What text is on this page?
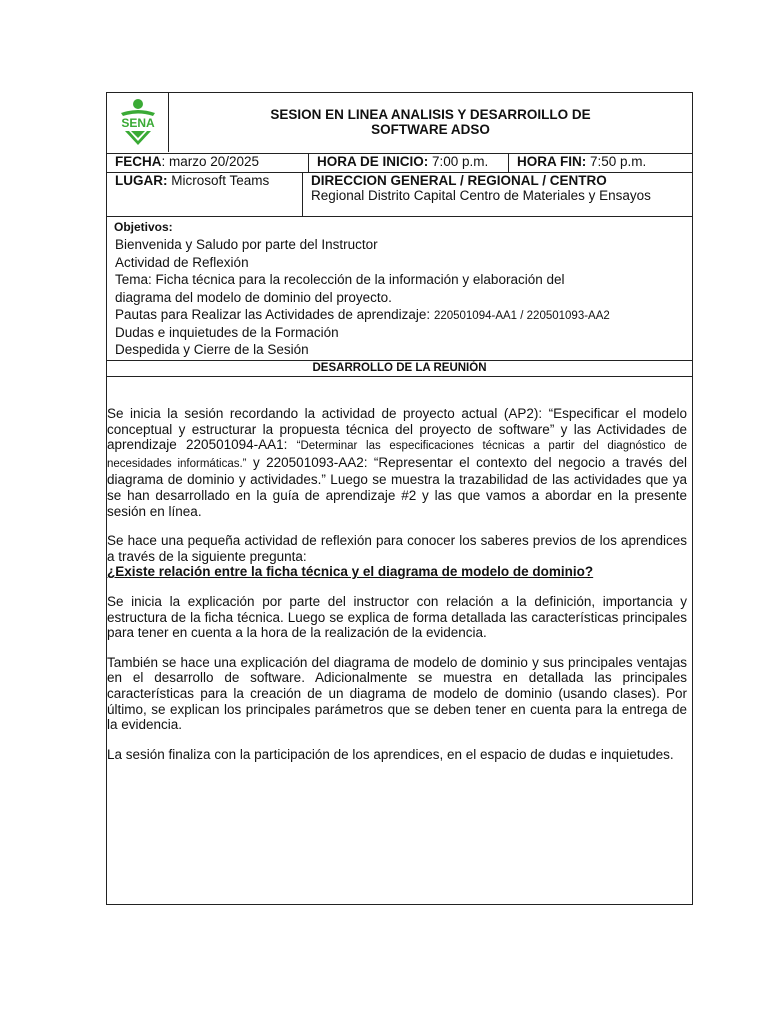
SENA
SESION EN LINEA ANALISIS Y DESARROILLO DE
SOFTWARE ADSO
FECHA: marzo 20/2025	HORA DE INICIO: 7:00 p.m.	HORA FIN: 7:50 p.m.
LUGAR: Microsoft Teams	DIRECCION GENERAL / REGIONAL / CENTRO
Regional Distrito Capital Centro de Materiales y Ensayos
Objetivos:
Bienvenida y Saludo por parte del Instructor
Actividad de Reflexión
Tema: Ficha técnica para la recolección de la información y elaboración del
diagrama del modelo de dominio del proyecto.
Pautas para Realizar las Actividades de aprendizaje: 220501094-AA1 / 220501093-AA2
Dudas e inquietudes de la Formación
Despedida y Cierre de la Sesión
DESARROLLO DE LA REUNIÓN

Se inicia la sesión recordando la actividad de proyecto actual (AP2): “Especificar el modelo conceptual y estructurar la propuesta técnica del proyecto de software” y las Actividades de aprendizaje 220501094-AA1: “Determinar las especificaciones técnicas a partir del diagnóstico de necesidades informáticas.” y 220501093-AA2: “Representar el contexto del negocio a través del diagrama de dominio y actividades.” Luego se muestra la trazabilidad de las actividades que ya se han desarrollado en la guía de aprendizaje #2 y las que vamos a abordar en la presente sesión en línea.

Se hace una pequeña actividad de reflexión para conocer los saberes previos de los aprendices a través de la siguiente pregunta:
¿Existe relación entre la ficha técnica y el diagrama de modelo de dominio?

Se inicia la explicación por parte del instructor con relación a la definición, importancia y estructura de la ficha técnica. Luego se explica de forma detallada las características principales para tener en cuenta a la hora de la realización de la evidencia.

También se hace una explicación del diagrama de modelo de dominio y sus principales ventajas en el desarrollo de software. Adicionalmente se muestra en detallada las principales características para la creación de un diagrama de modelo de dominio (usando clases). Por último, se explican los principales parámetros que se deben tener en cuenta para la entrega de la evidencia.

La sesión finaliza con la participación de los aprendices, en el espacio de dudas e inquietudes.
